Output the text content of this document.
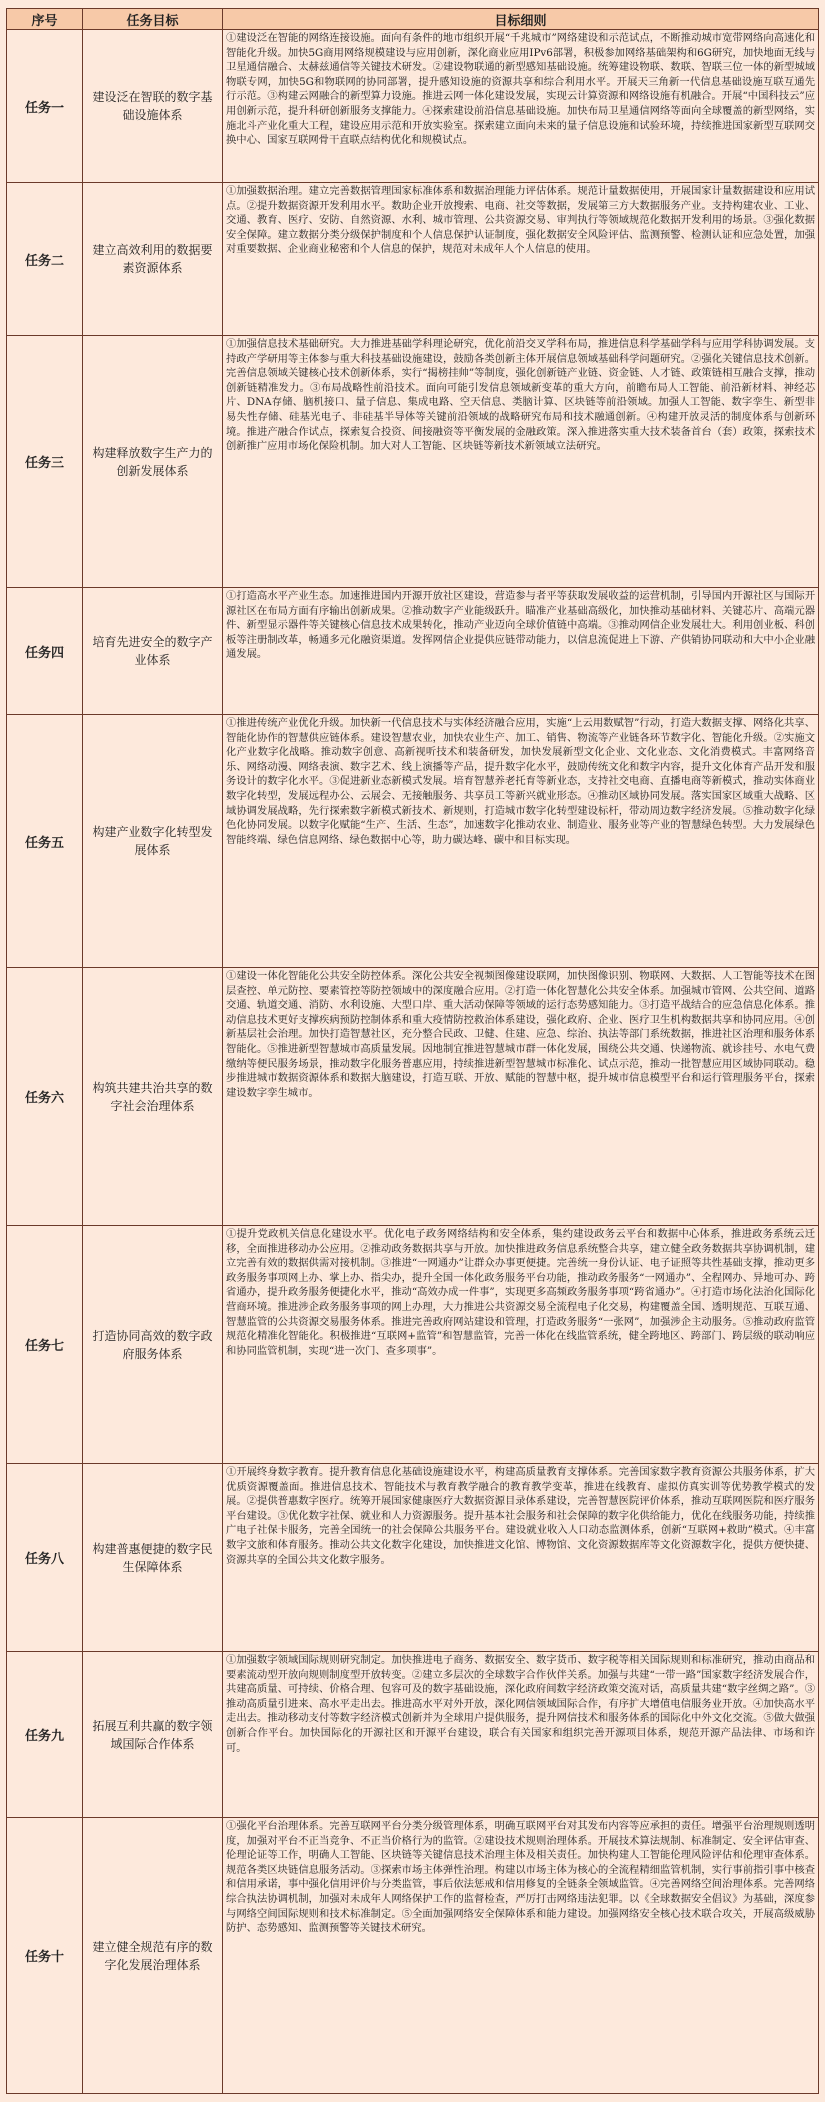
序号	任务目标	目标细则
任务一	建设泛在智联的数字基础设施体系	①建设泛在智能的网络连接设施。面向有条件的地市组织开展“千兆城市”网络建设和示范试点，不断推动城市宽带网络向高速化和智能化升级。加快5G商用网络规模建设与应用创新，深化商业应用IPv6部署，积极参加网络基础架构和6G研究，加快地面无线与卫星通信融合、太赫兹通信等关键技术研发。②建设物联通的新型感知基础设施。统筹建设物联、数联、智联三位一体的新型城域物联专网，加快5G和物联网的协同部署，提升感知设施的资源共享和综合利用水平。开展天三角新一代信息基础设施互联互通先行示范。③构建云网融合的新型算力设施。推进云网一体化建设发展，实现云计算资源和网络设施有机融合。开展“中国科技云”应用创新示范，提升科研创新服务支撑能力。④探索建设前沿信息基础设施。加快布局卫星通信网络等面向全球覆盖的新型网络，实施北斗产业化重大工程，建设应用示范和开放实验室。探索建立面向未来的量子信息设施和试验环境，持续推进国家新型互联网交换中心、国家互联网骨干直联点结构优化和规模试点。

任务二	建立高效利用的数据要素资源体系	①加强数据治理。建立完善数据管理国家标准体系和数据治理能力评估体系。规范计量数据使用，开展国家计量数据建设和应用试点。②提升数据资源开发利用水平。数助企业开放搜索、电商、社交等数据，发展第三方大数据服务产业。支持构建农业、工业、交通、教育、医疗、安防、自然资源、水利、城市管理、公共资源交易、审判执行等领域规范化数据开发利用的场景。③强化数据安全保障。建立数据分类分级保护制度和个人信息保护认证制度，强化数据安全风险评估、监测预警、检测认证和应急处置，加强对重要数据、企业商业秘密和个人信息的保护，规范对未成年人个人信息的使用。

任务三	构建释放数字生产力的创新发展体系	①加强信息技术基础研究。大力推进基础学科理论研究，优化前沿交叉学科布局，推进信息科学基础学科与应用学科协调发展。支持政产学研用等主体参与重大科技基础设施建设，鼓励各类创新主体开展信息领域基础科学问题研究。②强化关键信息技术创新。完善信息领域关键核心技术创新体系，实行“揭榜挂帅”等制度，强化创新链产业链、资金链、人才链、政策链相互融合支撑，推动创新链精准发力。③布局战略性前沿技术。面向可能引发信息领域新变革的重大方向，前瞻布局人工智能、前沿新材料、神经芯片、DNA存储、脑机接口、量子信息、集成电路、空天信息、类脑计算、区块链等前沿领域。加强人工智能、数字孪生、新型非易失性存储、硅基光电子、非硅基半导体等关键前沿领域的战略研究布局和技术融通创新。④构建开放灵活的制度体系与创新环境。推进产融合作试点，探索复合投资、间接融资等平衡发展的金融政策。深入推进落实重大技术装备首台（套）政策，探索技术创新推广应用市场化保险机制。加大对人工智能、区块链等新技术新领域立法研究。

任务四	培育先进安全的数字产业体系	①打造高水平产业生态。加速推进国内开源开放社区建设，营造参与者平等获取发展收益的运营机制，引导国内开源社区与国际开源社区在布局方面有序输出创新成果。②推动数字产业能级跃升。瞄准产业基础高级化，加快推动基础材料、关键芯片、高端元器件、新型显示器件等关键核心信息技术成果转化，推动产业迈向全球价值链中高端。③推动网信企业发展壮大。利用创业板、科创板等注册制改革，畅通多元化融资渠道。发挥网信企业提供应链带动能力，以信息流促进上下游、产供销协同联动和大中小企业融通发展。

任务五	构建产业数字化转型发展体系	①推进传统产业优化升级。加快新一代信息技术与实体经济融合应用，实施“上云用数赋智”行动，打造大数据支撑、网络化共享、智能化协作的智慧供应链体系。建设智慧农业，加快农业生产、加工、销售、物流等产业链各环节数字化、智能化升级。②实施文化产业数字化战略。推动数字创意、高新视听技术和装备研发，加快发展新型文化企业、文化业态、文化消费模式。丰富网络音乐、网络动漫、网络表演、数字艺术、线上演播等产品，提升数字化水平，鼓励传统文化和数字内容，提升文化体育产品开发和服务设计的数字化水平。③促进新业态新模式发展。培育智慧养老托育等新业态，支持社交电商、直播电商等新模式，推动实体商业数字化转型，发展远程办公、云展会、无接触服务、共享员工等新兴就业形态。④推动区域协同发展。落实国家区域重大战略、区域协调发展战略，先行探索数字新模式新技术、新规则，打造城市数字化转型建设标杆，带动周边数字经济发展。⑤推动数字化绿色化协同发展。以数字化赋能“生产、生活、生态”，加速数字化推动农业、制造业、服务业等产业的智慧绿色转型。大力发展绿色智能终端、绿色信息网络、绿色数据中心等，助力碳达峰、碳中和目标实现。

任务六	构筑共建共治共享的数字社会治理体系	①建设一体化智能化公共安全防控体系。深化公共安全视频图像建设联网，加快图像识别、物联网、大数据、人工智能等技术在图层查控、单元防控、要素管控等防控领域中的深度融合应用。②打造一体化智慧化公共安全体系。加强城市管网、公共空间、道路交通、轨道交通、消防、水利设施、大型口岸、重大活动保障等领域的运行态势感知能力。③打造平战结合的应急信息化体系。推动信息技术更好支撑疾病预防控制体系和重大疫情防控救治体系建设，强化政府、企业、医疗卫生机构数据共享和协同应用。④创新基层社会治理。加快打造智慧社区，充分整合民政、卫健、住建、应急、综治、执法等部门系统数据，推进社区治理和服务体系智能化。⑤推进新型智慧城市高质量发展。因地制宜推进智慧城市群一体化发展，围绕公共交通、快递物流、就诊挂号、水电气费缴纳等便民服务场景，推动数字化服务普惠应用，持续推进新型智慧城市标准化、试点示范，推动一批智慧应用区域协同联动。稳步推进城市数据资源体系和数据大脑建设，打造互联、开放、赋能的智慧中枢，提升城市信息模型平台和运行管理服务平台，探索建设数字孪生城市。

任务七	打造协同高效的数字政府服务体系	①提升党政机关信息化建设水平。优化电子政务网络结构和安全体系，集约建设政务云平台和数据中心体系，推进政务系统云迁移，全面推进移动办公应用。②推动政务数据共享与开放。加快推进政务信息系统整合共享，建立健全政务数据共享协调机制，建立完善有效的数据供需对接机制。③推进“一网通办”让群众办事更便捷。完善统一身份认证、电子证照等共性基础支撑，推动更多政务服务事项网上办、掌上办、指尖办，提升全国一体化政务服务平台功能，推动政务服务“一网通办”、全程网办、异地可办、跨省通办，提升政务服务便捷化水平，推动“高效办成一件事”，实现更多高频政务服务事项“跨省通办”。④打造市场化法治化国际化营商环境。推进涉企政务服务事项的网上办理，大力推进公共资源交易全流程电子化交易，构建覆盖全国、透明规范、互联互通、智慧监管的公共资源交易服务体系。推进完善政府网站建设和管理，打造政务服务“一张网”，加强涉企主动服务。⑤推动政府监管规范化精准化智能化。积极推进“互联网+监管”和智慧监管，完善一体化在线监管系统，健全跨地区、跨部门、跨层级的联动响应和协同监管机制，实现“进一次门、查多项事”。

任务八	构建普惠便捷的数字民生保障体系	①开展终身数字教育。提升教育信息化基础设施建设水平，构建高质量教育支撑体系。完善国家数字教育资源公共服务体系，扩大优质资源覆盖面。推进信息技术、智能技术与教育教学融合的教育教学变革，推进在线教育、虚拟仿真实训等优势教学模式的发展。②提供普惠数字医疗。统筹开展国家健康医疗大数据资源目录体系建设，完善智慧医院评价体系，推动互联网医院和医疗服务平台建设。③优化数字社保、就业和人力资源服务。提升基本社会服务和社会保障的数字化供给能力，优化在线服务功能，持续推广电子社保卡服务，完善全国统一的社会保障公共服务平台。建设就业收入人口动态监测体系，创新“互联网+救助”模式。④丰富数字文旅和体育服务。推动公共文化数字化建设，加快推进文化馆、博物馆、文化资源数据库等文化资源数字化，提供方便快捷、资源共享的全国公共文化数字服务。

任务九	拓展互利共赢的数字领域国际合作体系	①加强数字领域国际规则研究制定。加快推进电子商务、数据安全、数字货币、数字税等相关国际规则和标准研究，推动由商品和要素流动型开放向规则制度型开放转变。②建立多层次的全球数字合作伙伴关系。加强与共建“一带一路”国家数字经济发展合作，共建高质量、可持续、价格合理、包容可及的数字基础设施，深化政府间数字经济政策交流对话，高质量共建“数字丝绸之路”。③推动高质量引进来、高水平走出去。推进高水平对外开放，深化网信领域国际合作，有序扩大增值电信服务业开放。④加快高水平走出去。推动移动支付等数字经济模式创新并为全球用户提供服务，提升网信技术和服务体系的国际化中外文化交流。⑤做大做强创新合作平台。加快国际化的开源社区和开源平台建设，联合有关国家和组织完善开源项目体系，规范开源产品法律、市场和许可。

任务十	建立健全规范有序的数字化发展治理体系	①强化平台治理体系。完善互联网平台分类分级管理体系，明确互联网平台对其发布内容等应承担的责任。增强平台治理规则透明度，加强对平台不正当竞争、不正当价格行为的监管。②建设技术规则治理体系。开展技术算法规制、标准制定、安全评估审查、伦理论证等工作，明确人工智能、区块链等关键信息技术治理主体及相关责任。加快构建人工智能伦理风险评估和伦理审查体系。规范各类区块链信息服务活动。③探索市场主体弹性治理。构建以市场主体为核心的全流程精细监管机制，实行事前指引事中核查和信用承诺，事中强化信用评价与分类监管，事后依法惩戒和信用修复的全链条全领域监管。④完善网络空间治理体系。完善网络综合执法协调机制，加强对未成年人网络保护工作的监督检查，严厉打击网络违法犯罪。以《全球数据安全倡议》为基础，深度参与网络空间国际规则和技术标准制定。⑤全面加强网络安全保障体系和能力建设。加强网络安全核心技术联合攻关，开展高级威胁防护、态势感知、监测预警等关键技术研究。
